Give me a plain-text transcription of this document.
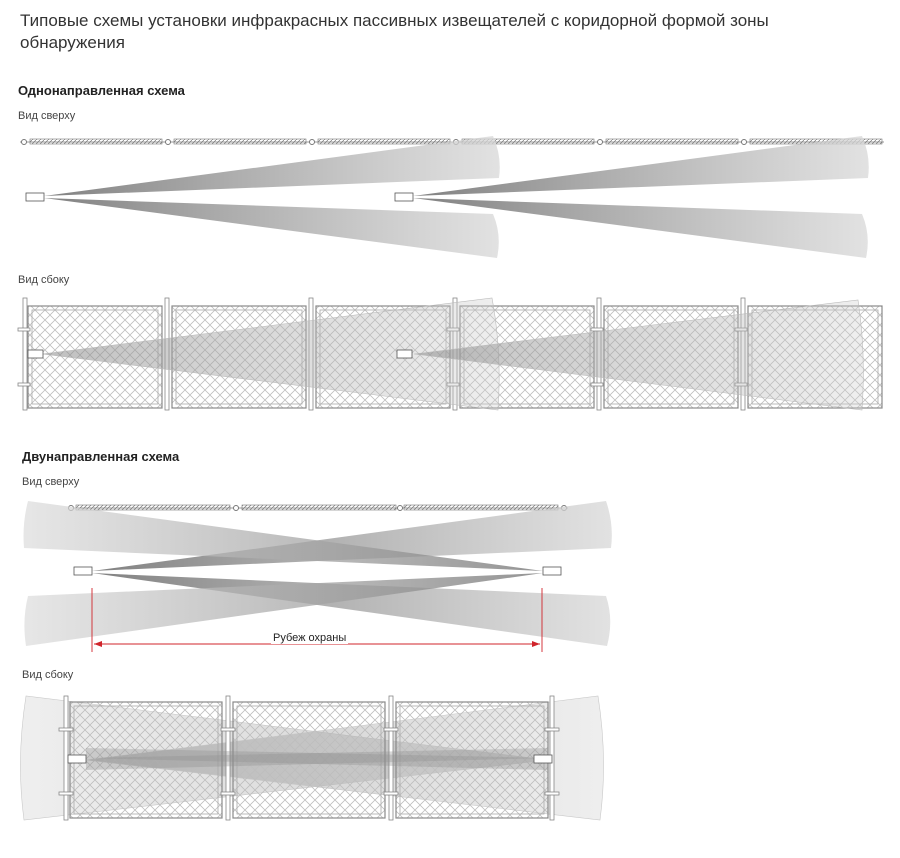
Типовые схемы установки инфракрасных пассивных извещателей с коридорной формой зоны обнаружения
Однонаправленная схема
Вид сверху
Вид сбоку
Двунаправленная схема
Вид сверху
Вид сбоку
Рубеж охраны
